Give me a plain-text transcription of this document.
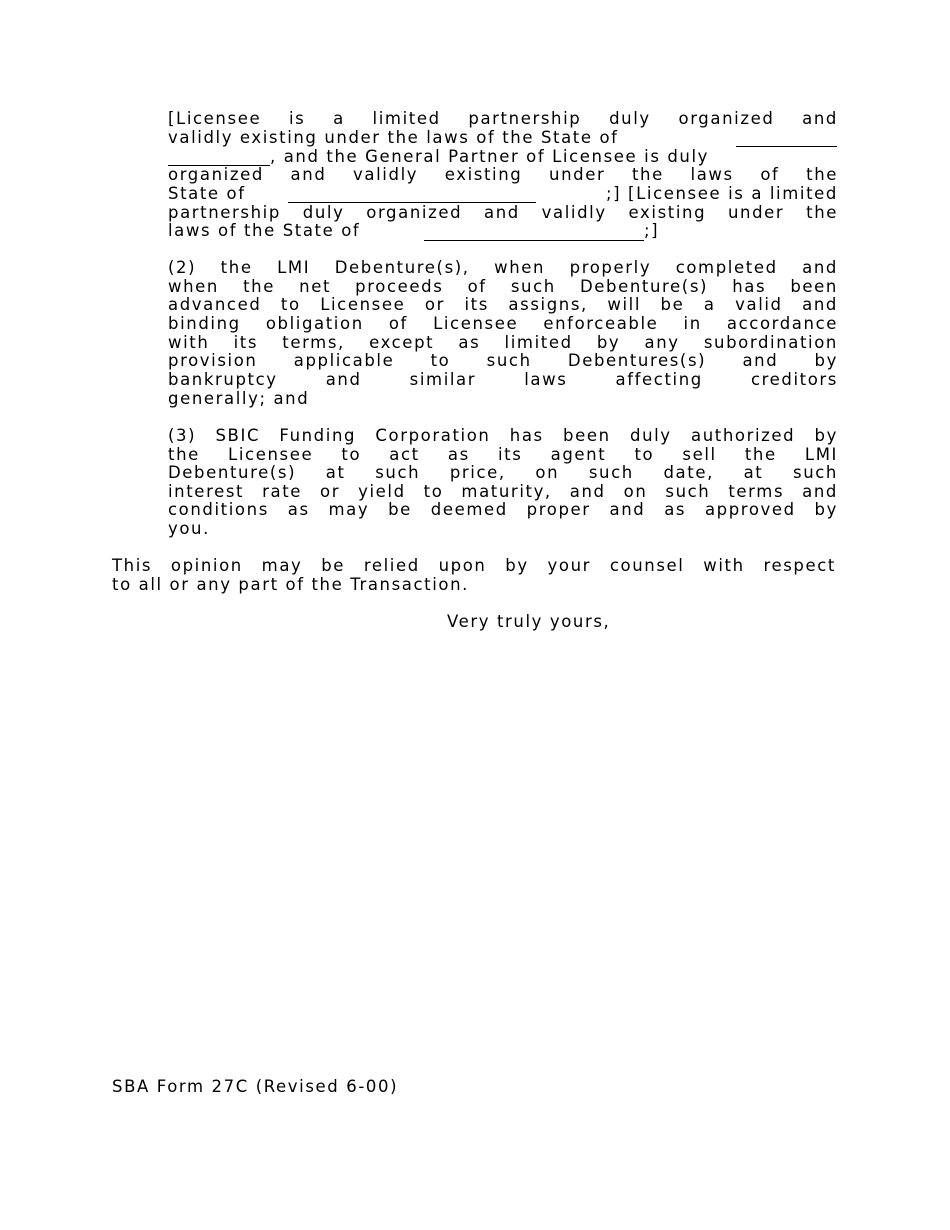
[Licensee is a limited partnership duly organized and
validly existing under the laws of the State of
, and the General Partner of Licensee is duly
organized and validly existing under the laws of the
State of	;] [Licensee is a limited
partnership duly organized and validly existing under the
laws of the State of	;]
(2) the LMI Debenture(s), when properly completed and
when the net proceeds of such Debenture(s) has been
advanced to Licensee or its assigns, will be a valid and
binding obligation of Licensee enforceable in accordance
with its terms, except as limited by any subordination
provision applicable to such Debentures(s) and by
bankruptcy and similar laws affecting creditors
generally; and
(3) SBIC Funding Corporation has been duly authorized by
the Licensee to act as its agent to sell the LMI
Debenture(s) at such price, on such date, at such
interest rate or yield to maturity, and on such terms and
conditions as may be deemed proper and as approved by
you.
This opinion may be relied upon by your counsel with respect
to all or any part of the Transaction.
Very truly yours,
SBA Form 27C (Revised 6-00)
